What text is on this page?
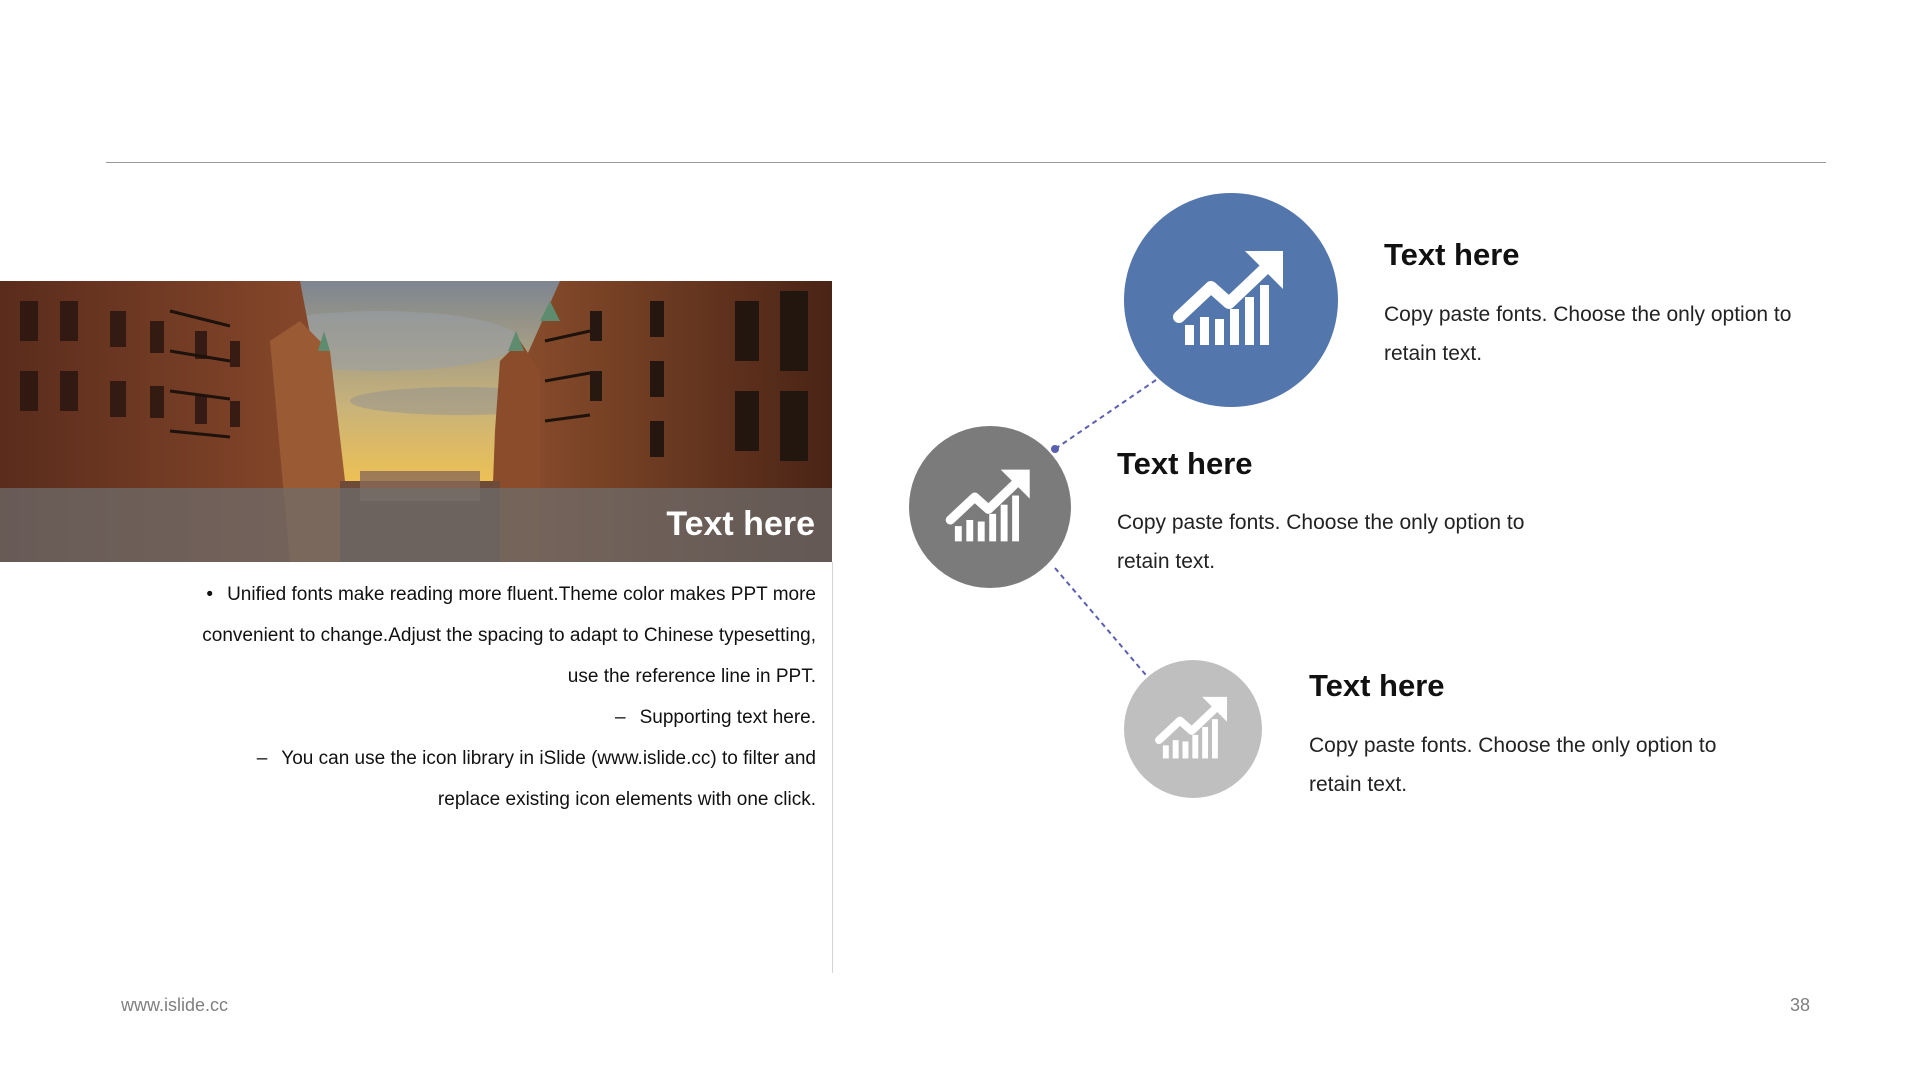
Text here
• Unified fonts make reading more fluent.Theme color makes PPT more
convenient to change.Adjust the spacing to adapt to Chinese typesetting,
use the reference line in PPT.
– Supporting text here.
– You can use the icon library in iSlide (www.islide.cc) to filter and
replace existing icon elements with one click.
Text here
Copy paste fonts. Choose the only option to
retain text.
Text here
Copy paste fonts. Choose the only option to
retain text.
Text here
Copy paste fonts. Choose the only option to
retain text.
www.islide.cc	38
